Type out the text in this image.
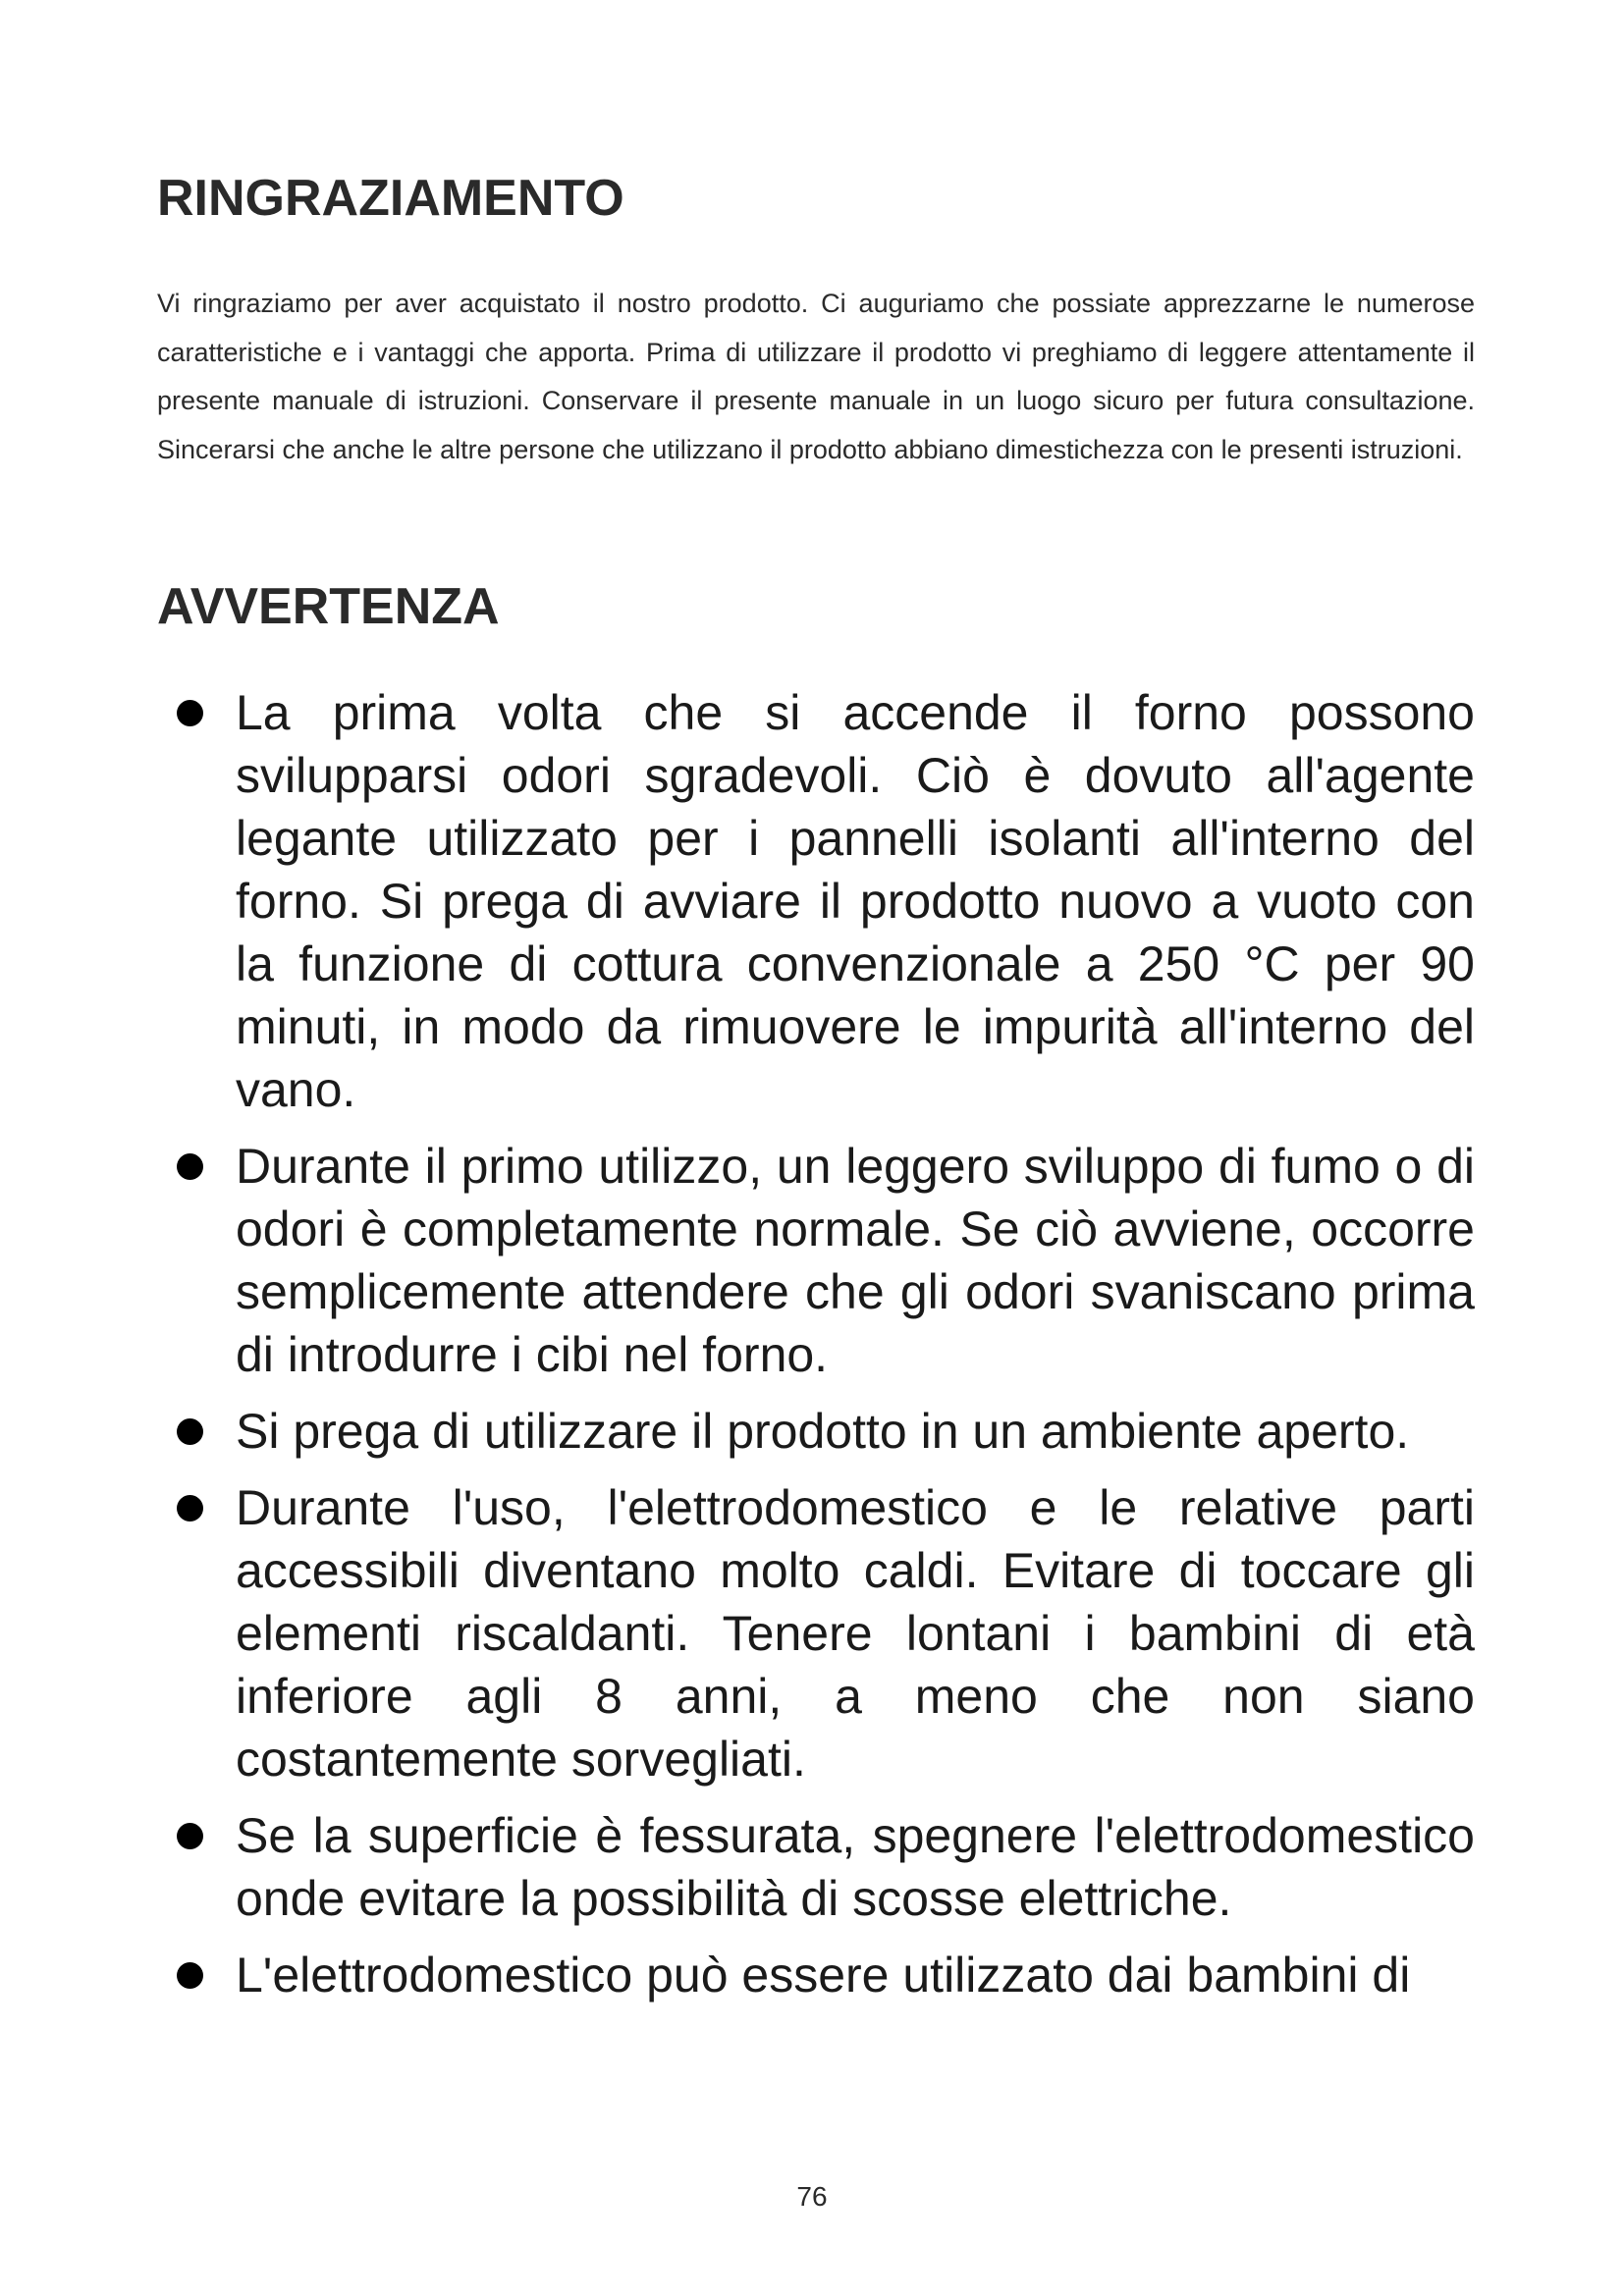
RINGRAZIAMENTO

Vi ringraziamo per aver acquistato il nostro prodotto. Ci auguriamo che possiate apprezzarne le numerose caratteristiche e i vantaggi che apporta. Prima di utilizzare il prodotto vi preghiamo di leggere attentamente il presente manuale di istruzioni. Conservare il presente manuale in un luogo sicuro per futura consultazione. Sincerarsi che anche le altre persone che utilizzano il prodotto abbiano dimestichezza con le presenti istruzioni.

AVVERTENZA
La prima volta che si accende il forno possono svilupparsi odori sgradevoli. Ciò è dovuto all'agente legante utilizzato per i pannelli isolanti all'interno del forno. Si prega di avviare il prodotto nuovo a vuoto con la funzione di cottura convenzionale a 250 °C per 90 minuti, in modo da rimuovere le impurità all'interno del vano.
Durante il primo utilizzo, un leggero sviluppo di fumo o di odori è completamente normale. Se ciò avviene, occorre semplicemente attendere che gli odori svaniscano prima di introdurre i cibi nel forno.
Si prega di utilizzare il prodotto in un ambiente aperto.
Durante l'uso, l'elettrodomestico e le relative parti accessibili diventano molto caldi. Evitare di toccare gli elementi riscaldanti. Tenere lontani i bambini di età inferiore agli 8 anni, a meno che non siano costantemente sorvegliati.
Se la superficie è fessurata, spegnere l'elettrodomestico onde evitare la possibilità di scosse elettriche.
L'elettrodomestico può essere utilizzato dai bambini di
76
